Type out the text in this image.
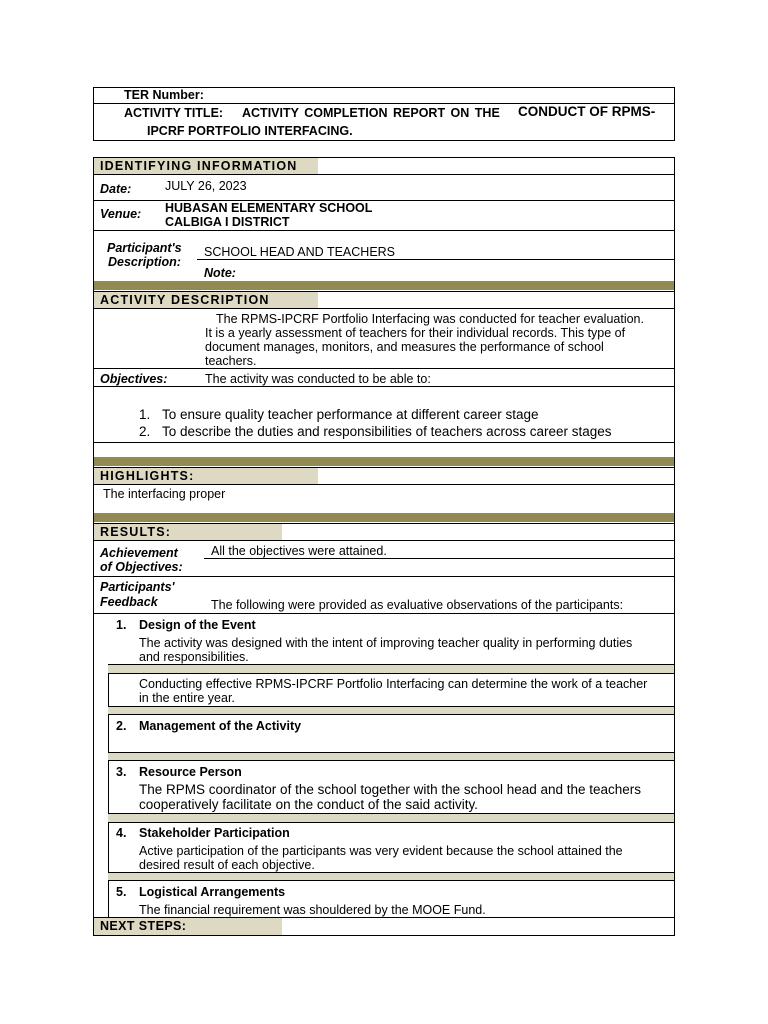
TER Number:
ACTIVITY TITLE: ACTIVITY COMPLETION REPORT ON THE CONDUCT OF RPMS-
IPCRF PORTFOLIO INTERFACING.
IDENTIFYING INFORMATION
Date:	JULY 26, 2023
Venue: HUBASAN ELEMENTARY SCHOOL
CALBIGA I DISTRICT
Participant's
Description:
SCHOOL HEAD AND TEACHERS
Note:
ACTIVITY DESCRIPTION
The RPMS-IPCRF Portfolio Interfacing was conducted for teacher evaluation.
It is a yearly assessment of teachers for their individual records. This type of
document manages, monitors, and measures the performance of school
teachers.
Objectives:	The activity was conducted to be able to:
1. To ensure quality teacher performance at different career stage
2. To describe the duties and responsibilities of teachers across career stages
HIGHLIGHTS:
The interfacing proper
RESULTS:
Achievement
of Objectives:
All the objectives were attained.
Participants'
Feedback	The following were provided as evaluative observations of the participants:
1. Design of the Event
The activity was designed with the intent of improving teacher quality in performing duties
and responsibilities.
Conducting effective RPMS-IPCRF Portfolio Interfacing can determine the work of a teacher
in the entire year.
2. Management of the Activity
3. Resource Person
The RPMS coordinator of the school together with the school head and the teachers
cooperatively facilitate on the conduct of the said activity.
4. Stakeholder Participation
Active participation of the participants was very evident because the school attained the
desired result of each objective.
5. Logistical Arrangements
The financial requirement was shouldered by the MOOE Fund.
NEXT STEPS:
